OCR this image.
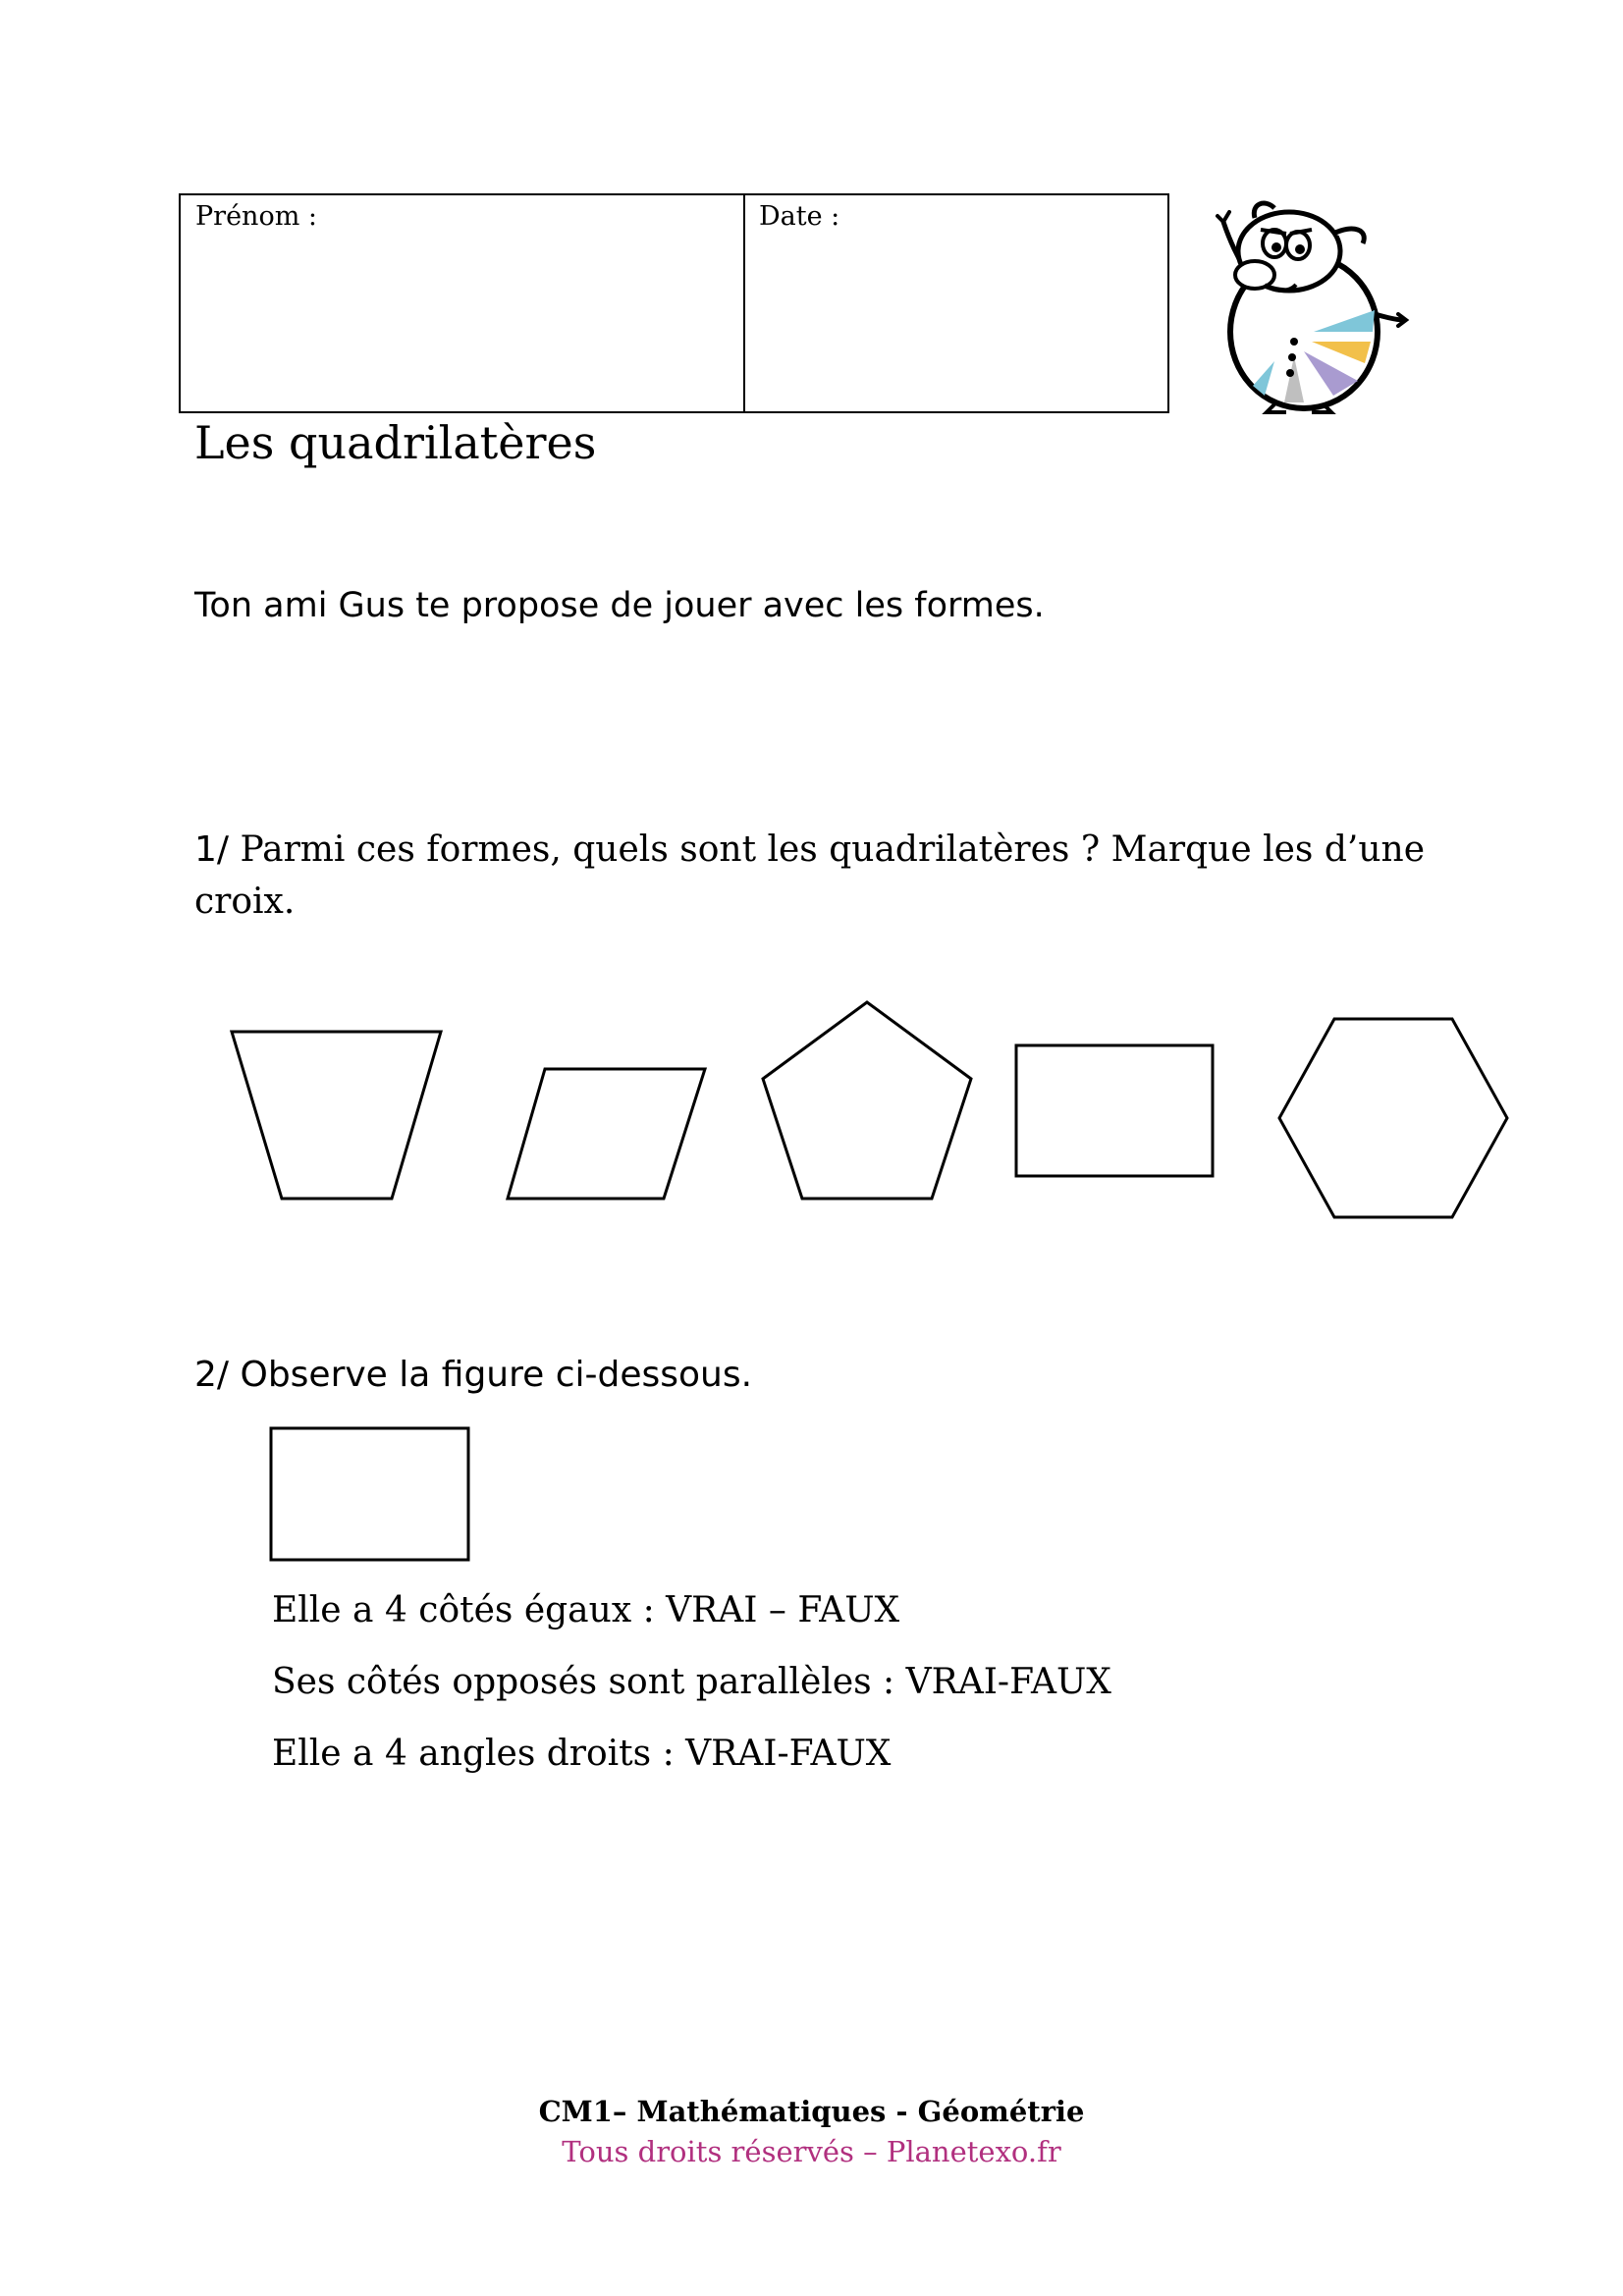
Prénom :	Date :
Les quadrilatères
Ton ami Gus te propose de jouer avec les formes.
1/ Parmi ces formes, quels sont les quadrilatères ? Marque les d’une croix.
2/ Observe la figure ci-dessous.
Elle a 4 côtés égaux : VRAI – FAUX
Ses côtés opposés sont parallèles : VRAI-FAUX
Elle a 4 angles droits : VRAI-FAUX
CM1– Mathématiques - Géométrie
Tous droits réservés – Planetexo.fr
